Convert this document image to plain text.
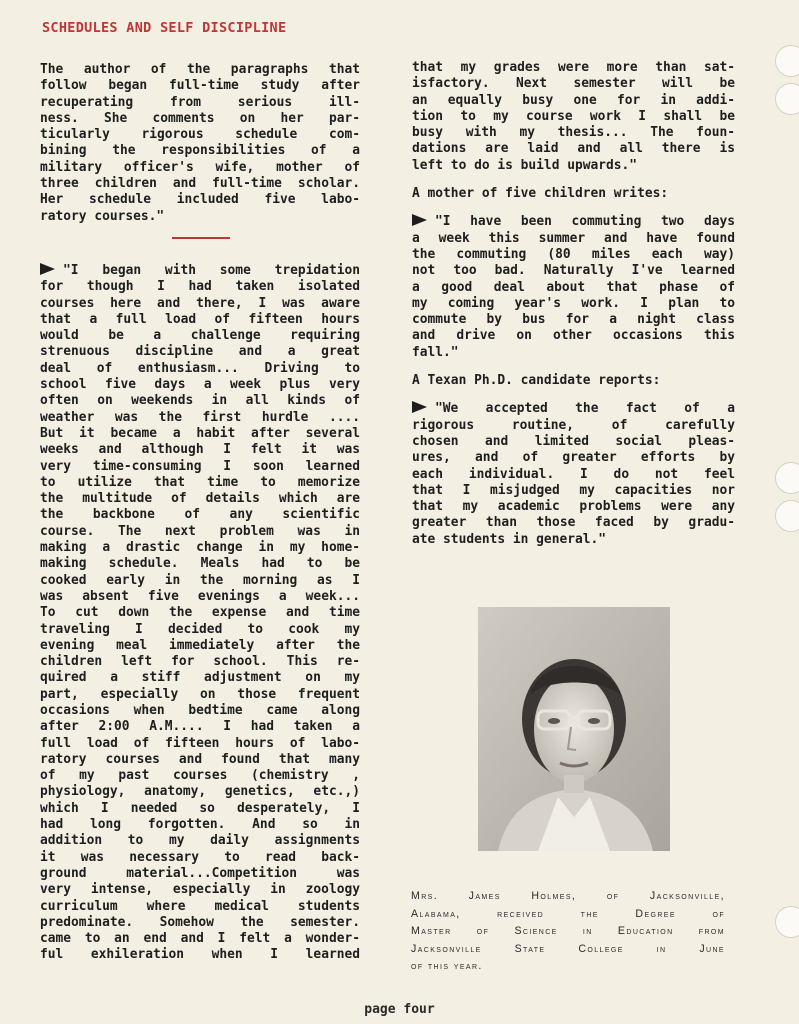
SCHEDULES AND SELF DISCIPLINE

The author of the paragraphs that

follow began full-time study after

recuperating from serious ill-

ness. She comments on her par-

ticularly rigorous schedule com-

bining the responsibilities of a

military officer's wife, mother of

three children and full-time scholar.

Her schedule included five labo-

ratory courses."

"I began with some trepidation

for though I had taken isolated

courses here and there, I was aware

that a full load of fifteen hours

would be a challenge requiring

strenuous discipline and a great

deal of enthusiasm... Driving to

school five days a week plus very

often on weekends in all kinds of

weather was the first hurdle ....

But it became a habit after several

weeks and although I felt it was

very time-consuming I soon learned

to utilize that time to memorize

the multitude of details which are

the backbone of any scientific

course. The next problem was in

making a drastic change in my home-

making schedule. Meals had to be

cooked early in the morning as I

was absent five evenings a week...

To cut down the expense and time

traveling I decided to cook my

evening meal immediately after the

children left for school. This re-

quired a stiff adjustment on my

part, especially on those frequent

occasions when bedtime came along

after 2:00 A.M.... I had taken a

full load of fifteen hours of labo-

ratory courses and found that many

of my past courses (chemistry ,

physiology, anatomy, genetics, etc.,)

which I needed so desperately, I

had long forgotten. And so in

addition to my daily assignments

it was necessary to read back-

ground material...Competition was

very intense, especially in zoology

curriculum where medical students

predominate. Somehow the semester.

came to an end and I felt a wonder-

ful exhileration when I learned

that my grades were more than sat-

isfactory. Next semester will be

an equally busy one for in addi-

tion to my course work I shall be

busy with my thesis... The foun-

dations are laid and all there is

left to do is build upwards."

A mother of five children writes:

"I have been commuting two days

a week this summer and have found

the commuting (80 miles each way)

not too bad. Naturally I've learned

a good deal about that phase of

my coming year's work. I plan to

commute by bus for a night class

and drive on other occasions this

fall."

A Texan Ph.D. candidate reports:

"We accepted the fact of a

rigorous routine, of carefully

chosen and limited social pleas-

ures, and of greater efforts by

each individual. I do not feel

that I misjudged my capacities nor

that my academic problems were any

greater than those faced by gradu-

ate students in general."

Mrs. James Holmes, of Jacksonville,
Alabama, received the Degree of
Master of Science in Education from
Jacksonville State College in June
of this year.
page four
